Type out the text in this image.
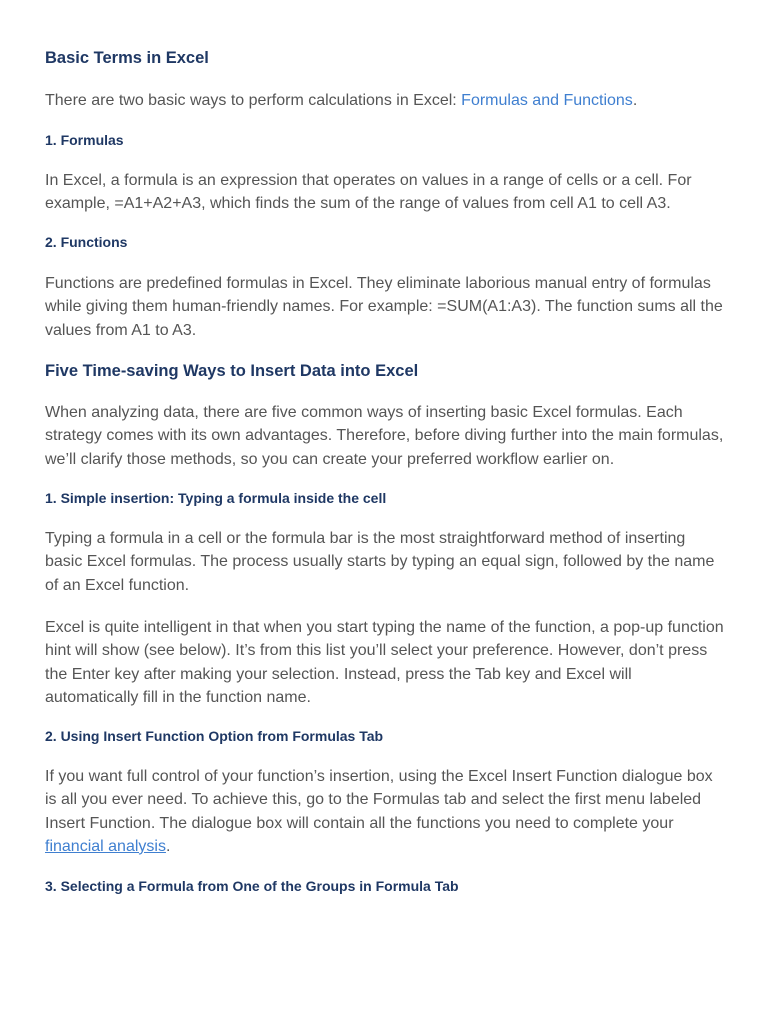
Basic Terms in Excel

There are two basic ways to perform calculations in Excel: Formulas and Functions.

1. Formulas

In Excel, a formula is an expression that operates on values in a range of cells or a cell. For example, =A1+A2+A3, which finds the sum of the range of values from cell A1 to cell A3.

2. Functions

Functions are predefined formulas in Excel. They eliminate laborious manual entry of formulas while giving them human-friendly names. For example: =SUM(A1:A3). The function sums all the values from A1 to A3.

Five Time-saving Ways to Insert Data into Excel

When analyzing data, there are five common ways of inserting basic Excel formulas. Each strategy comes with its own advantages. Therefore, before diving further into the main formulas, we’ll clarify those methods, so you can create your preferred workflow earlier on.

1. Simple insertion: Typing a formula inside the cell

Typing a formula in a cell or the formula bar is the most straightforward method of inserting basic Excel formulas. The process usually starts by typing an equal sign, followed by the name of an Excel function.

Excel is quite intelligent in that when you start typing the name of the function, a pop-up function hint will show (see below). It’s from this list you’ll select your preference. However, don’t press the Enter key after making your selection. Instead, press the Tab key and Excel will automatically fill in the function name.

2. Using Insert Function Option from Formulas Tab

If you want full control of your function’s insertion, using the Excel Insert Function dialogue box is all you ever need. To achieve this, go to the Formulas tab and select the first menu labeled Insert Function. The dialogue box will contain all the functions you need to complete your financial analysis.

3. Selecting a Formula from One of the Groups in Formula Tab
